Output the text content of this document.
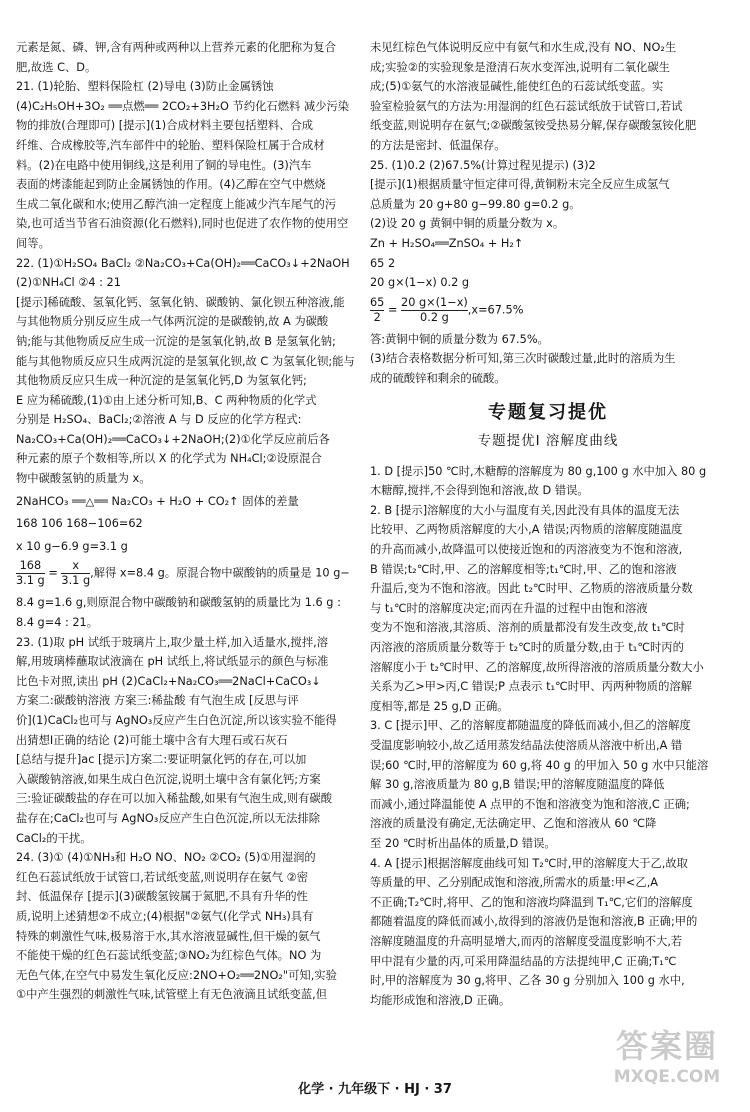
元素是氮、磷、钾,含有两种或两种以上营养元素的化肥称为复合
肥,故选 C、D。
21. (1)轮胎、塑料保险杠 (2)导电 (3)防止金属锈蚀
(4)C₂H₅OH+3O₂ ══点燃══ 2CO₂+3H₂O 节约化石燃料 减少污染
物的排放(合理即可) [提示](1)合成材料主要包括塑料、合成
纤维、合成橡胶等,汽车部件中的轮胎、塑料保险杠属于合成材
料。(2)在电路中使用铜线,这是利用了铜的导电性。(3)汽车
表面的烤漆能起到防止金属锈蚀的作用。(4)乙醇在空气中燃烧
生成二氧化碳和水;使用乙醇汽油一定程度上能减少汽车尾气的污
染,也可适当节省石油资源(化石燃料),同时也促进了农作物的使用空
间等。
22. (1)①H₂SO₄ BaCl₂ ②Na₂CO₃+Ca(OH)₂══CaCO₃↓+2NaOH
(2)①NH₄Cl ②4 : 21
[提示]稀硫酸、氢氧化钙、氢氧化钠、碳酸钠、氯化钡五种溶液,能
与其他物质分别反应生成一气体两沉淀的是碳酸钠,故 A 为碳酸
钠;能与其他物质反应生成一沉淀的是氢氧化钠,故 B 是氢氧化钠;
能与其他物质反应只生成两沉淀的是氢氧化钡,故 C 为氢氧化钡;能与
其他物质反应只生成一种沉淀的是氢氧化钙,D 为氢氧化钙;
E 应为稀硫酸,(1)①由上述分析可知,B、C 两种物质的化学式
分别是 H₂SO₄、BaCl₂;②溶液 A 与 D 反应的化学方程式:
Na₂CO₃+Ca(OH)₂══CaCO₃↓+2NaOH;(2)①化学反应前后各
种元素的原子个数相等,所以 X 的化学式为 NH₄Cl;②设原混合
物中碳酸氢钠的质量为 x。
2NaHCO₃ ══△══ Na₂CO₃ + H₂O + CO₂↑ 固体的差量
168 106 168−106=62
x 10 g−6.9 g=3.1 g
$\frac{168}{3.1 g} = \frac{x}{3.1 g}$ ,解得 x=8.4 g。原混合物中碳酸钠的质量是 10 g−
8.4 g=1.6 g,则原混合物中碳酸钠和碳酸氢钠的质量比为 1.6 g :
8.4 g=4 : 21。
23. (1)取 pH 试纸于玻璃片上,取少量土样,加入适量水,搅拌,溶
解,用玻璃棒蘸取试液滴在 pH 试纸上,将试纸显示的颜色与标准
比色卡对照,读出 pH (2)CaCl₂+Na₂CO₃══2NaCl+CaCO₃↓
方案二:碳酸钠溶液 方案三:稀盐酸 有气泡生成 [反思与评
价](1)CaCl₂也可与 AgNO₃反应产生白色沉淀,所以该实验不能得
出猜想Ⅰ正确的结论 (2)可能土壤中含有大理石或石灰石
[总结与提升]ac [提示]方案二:要证明氯化钙的存在,可以加
入碳酸钠溶液,如果生成白色沉淀,说明土壤中含有氯化钙;方案
三:验证碳酸盐的存在可以加入稀盐酸,如果有气泡生成,则有碳酸
盐存在;CaCl₂也可与 AgNO₃反应产生白色沉淀,所以无法排除
CaCl₂的干扰。
24. (3)① (4)①NH₃和 H₂O NO、NO₂ ②CO₂ (5)①用湿润的
红色石蕊试纸放于试管口,若试纸变蓝,则说明存在氨气 ②密
封、低温保存 [提示](3)碳酸氢铵属于氮肥,不具有升华的性
质,说明上述猜想②不成立;(4)根据"②氨气(化学式 NH₃)具有
特殊的刺激性气味,极易溶于水,其水溶液显碱性,但干燥的氨气
不能使干燥的红色石蕊试纸变蓝;③NO₂为红棕色气体。NO 为
无色气体,在空气中易发生氧化反应:2NO+O₂══2NO₂"可知,实验
①中产生强烈的刺激性气味,试管壁上有无色液滴且试纸变蓝,但
未见红棕色气体说明反应中有氨气和水生成,没有 NO、NO₂生
成;实验②的实验现象是澄清石灰水变浑浊,说明有二氧化碳生
成;(5)①氨气的水溶液显碱性,能使红色的石蕊试纸变蓝。实
验室检验氨气的方法为:用湿润的红色石蕊试纸放于试管口,若试
纸变蓝,则说明存在氨气;②碳酸氢铵受热易分解,保存碳酸氢铵化肥
的方法是密封、低温保存。
25. (1)0.2 (2)67.5%(计算过程见提示) (3)2
[提示](1)根据质量守恒定律可得,黄铜粉末完全反应生成氢气
总质量为 20 g+80 g−99.80 g=0.2 g。
(2)设 20 g 黄铜中铜的质量分数为 x。
Zn + H₂SO₄══ZnSO₄ + H₂↑
65 2
20 g×(1−x) 0.2 g
$\frac{65}{2} = \frac{20 g\times(1-x)}{0.2 g} ,x=67.5\%$
答:黄铜中铜的质量分数为 67.5%。
(3)结合表格数据分析可知,第三次时碳酸过量,此时的溶质为生
成的硫酸锌和剩余的硫酸。
专题复习提优
专题提优Ⅰ 溶解度曲线
1. D [提示]50 ℃时,木糖醇的溶解度为 80 g,100 g 水中加入 80 g
木糖醇,搅拌,不会得到饱和溶液,故 D 错误。
2. B [提示]溶解度的大小与温度有关,因此没有具体的温度无法
比较甲、乙两物质溶解度的大小,A 错误;丙物质的溶解度随温度
的升高而减小,故降温可以使接近饱和的丙溶液变为不饱和溶液,
B 错误;t₂℃时,甲、乙的溶解度相等;t₁℃时,甲、乙的饱和溶液
升温后,变为不饱和溶液。因此 t₂℃时甲、乙物质的溶液质量分数
与 t₁℃时的溶解度决定;而丙在升温的过程中由饱和溶液
变为不饱和溶液,其溶质、溶剂的质量都没有发生改变,故 t₁℃时
丙溶液的溶质质量分数等于 t₂℃时的质量分数,由于 t₁℃时丙的
溶解度小于 t₂℃时甲、乙的溶解度,故所得溶液的溶质质量分数大小
关系为乙>甲>丙,C 错误;P 点表示 t₁℃时甲、丙两种物质的溶解
度相等,都是 25 g,D 正确。
3. C [提示]甲、乙的溶解度都随温度的降低而减小,但乙的溶解度
受温度影响较小,故乙适用蒸发结晶法使溶质从溶液中析出,A 错
误;60 ℃时,甲的溶解度为 60 g,将 40 g 的甲加入 50 g 水中只能溶
解 30 g,溶液质量为 80 g,B 错误;甲的溶解度随温度的降低
而减小,通过降温能使 A 点甲的不饱和溶液变为饱和溶液,C 正确;
溶液的质量没有确定,无法确定甲、乙饱和溶液从 60 ℃降
至 20 ℃时析出晶体的质量,D 错误。
4. A [提示]根据溶解度曲线可知 T₂℃时,甲的溶解度大于乙,故取
等质量的甲、乙分别配成饱和溶液,所需水的质量:甲<乙,A
不正确;T₂℃时,将甲、乙的饱和溶液均降温到 T₁℃,它们的溶解度
都随着温度的降低而减小,故得到的溶液仍是饱和溶液,B 正确;甲的
溶解度随温度的升高明显增大,而丙的溶解度受温度影响不大,若
甲中混有少量的丙,可采用降温结晶的方法提纯甲,C 正确;T₁℃
时,甲的溶解度为 30 g,将甲、乙各 30 g 分别加入 100 g 水中,
均能形成饱和溶液,D 正确。
化学 · 九年级下 · HJ · 37
答案圈
MXQE.COM
